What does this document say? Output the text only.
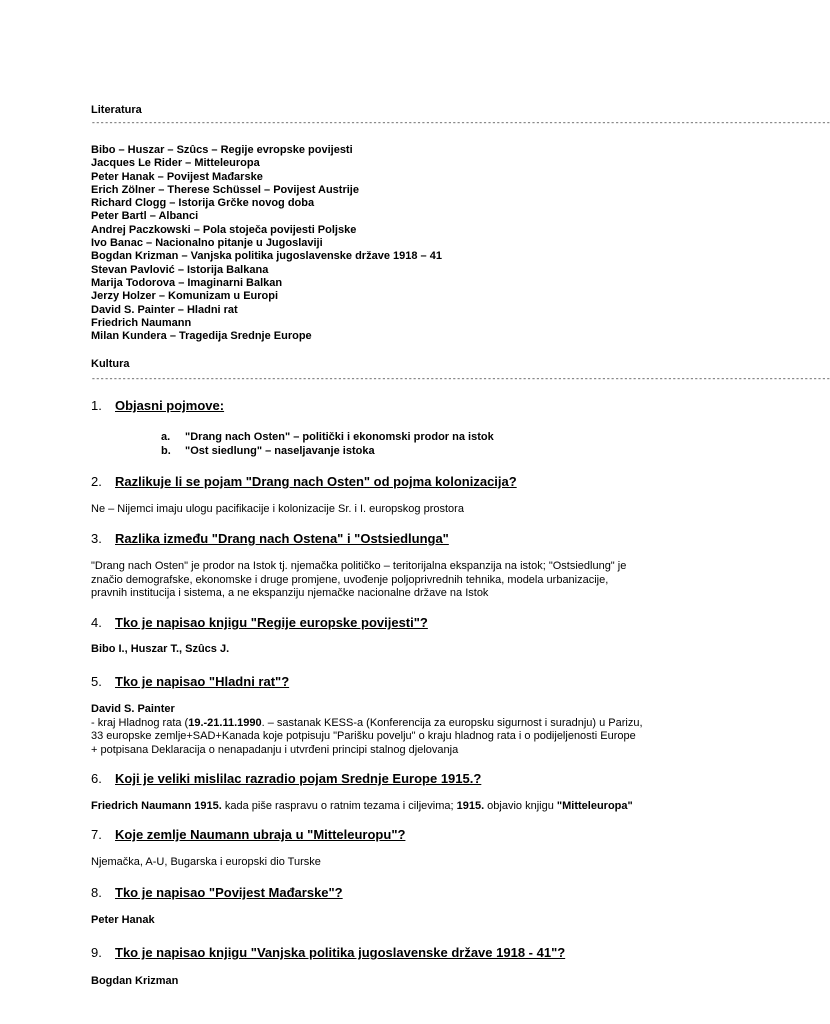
Literatura
------------------------------------------------------------------------------------------------------------------------------------------------------------------------
Bibo – Huszar – Szûcs – Regije evropske povijesti
Jacques Le Rider – Mitteleuropa
Peter Hanak – Povijest Mađarske
Erich Zölner – Therese Schüssel – Povijest Austrije
Richard Clogg – Istorija Grčke novog doba
Peter Bartl – Albanci
Andrej Paczkowski – Pola stoječa povijesti Poljske
Ivo Banac – Nacionalno pitanje u Jugoslaviji
Bogdan Krizman – Vanjska politika jugoslavenske države 1918 – 41
Stevan Pavlović – Istorija Balkana
Marija Todorova – Imaginarni Balkan
Jerzy Holzer – Komunizam u Europi
David S. Painter – Hladni rat
Friedrich Naumann
Milan Kundera – Tragedija Srednje Europe
Kultura
------------------------------------------------------------------------------------------------------------------------------------------------------------------------
1. Objasni pojmove:
a. "Drang nach Osten" – politički i ekonomski prodor na istok
b. "Ost siedlung" – naseljavanje istoka
2. Razlikuje li se pojam "Drang nach Osten" od pojma kolonizacija?
Ne – Nijemci imaju ulogu pacifikacije i kolonizacije Sr. i I. europskog prostora
3. Razlika između "Drang nach Ostena" i "Ostsiedlunga"
"Drang nach Osten" je prodor na Istok tj. njemačka političko – teritorijalna ekspanzija na istok; "Ostsiedlung" je
značio demografske, ekonomske i druge promjene, uvođenje poljoprivrednih tehnika, modela urbanizacije,
pravnih institucija i sistema, a ne ekspanziju njemačke nacionalne države na Istok
4. Tko je napisao knjigu "Regije europske povijesti"?
Bibo I., Huszar T., Szûcs J.
5. Tko je napisao "Hladni rat"?
David S. Painter
- kraj Hladnog rata (19.-21.11.1990. – sastanak KESS-a (Konferencija za europsku sigurnost i suradnju) u Parizu,
33 europske zemlje+SAD+Kanada koje potpisuju "Parišku povelju" o kraju hladnog rata i o podijeljenosti Europe
+ potpisana Deklaracija o nenapadanju i utvrđeni principi stalnog djelovanja
6. Koji je veliki mislilac razradio pojam Srednje Europe 1915.?
Friedrich Naumann 1915. kada piše raspravu o ratnim tezama i ciljevima; 1915. objavio knjigu "Mitteleuropa"
7. Koje zemlje Naumann ubraja u "Mitteleuropu"?
Njemačka, A-U, Bugarska i europski dio Turske
8. Tko je napisao "Povijest Mađarske"?
Peter Hanak
9. Tko je napisao knjigu "Vanjska politika jugoslavenske države 1918 - 41"?
Bogdan Krizman
